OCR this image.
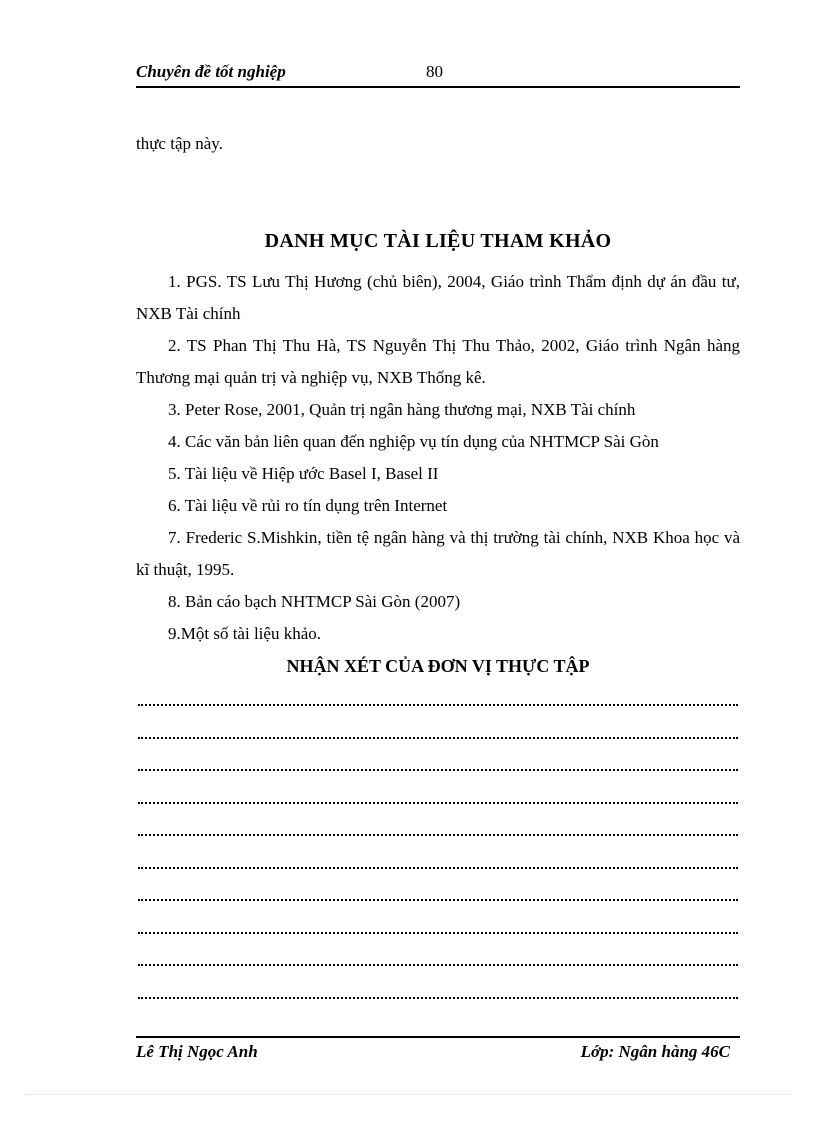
Chuyên đề tốt nghiệp	80
thực tập này.
DANH MỤC TÀI LIỆU THAM KHẢO

1. PGS. TS Lưu Thị Hương (chủ biên), 2004, Giáo trình Thẩm định dự án đầu tư, NXB Tài chính

2. TS Phan Thị Thu Hà, TS Nguyễn Thị Thu Thảo, 2002, Giáo trình Ngân hàng Thương mại quản trị và nghiệp vụ, NXB Thống kê.

3. Peter Rose, 2001, Quản trị ngân hàng thương mại, NXB Tài chính

4. Các văn bản liên quan đến nghiệp vụ tín dụng của NHTMCP Sài Gòn

5. Tài liệu về Hiệp ước Basel I, Basel II

6. Tài liệu về rủi ro tín dụng trên Internet

7. Frederic S.Mishkin, tiền tệ ngân hàng và thị trường tài chính, NXB Khoa học và kĩ thuật, 1995.

8. Bản cáo bạch NHTMCP Sài Gòn (2007)

9.Một số tài liệu khảo.

NHẬN XÉT CỦA ĐƠN VỊ THỰC TẬP
Lê Thị Ngọc Anh	Lớp: Ngân hàng 46C
